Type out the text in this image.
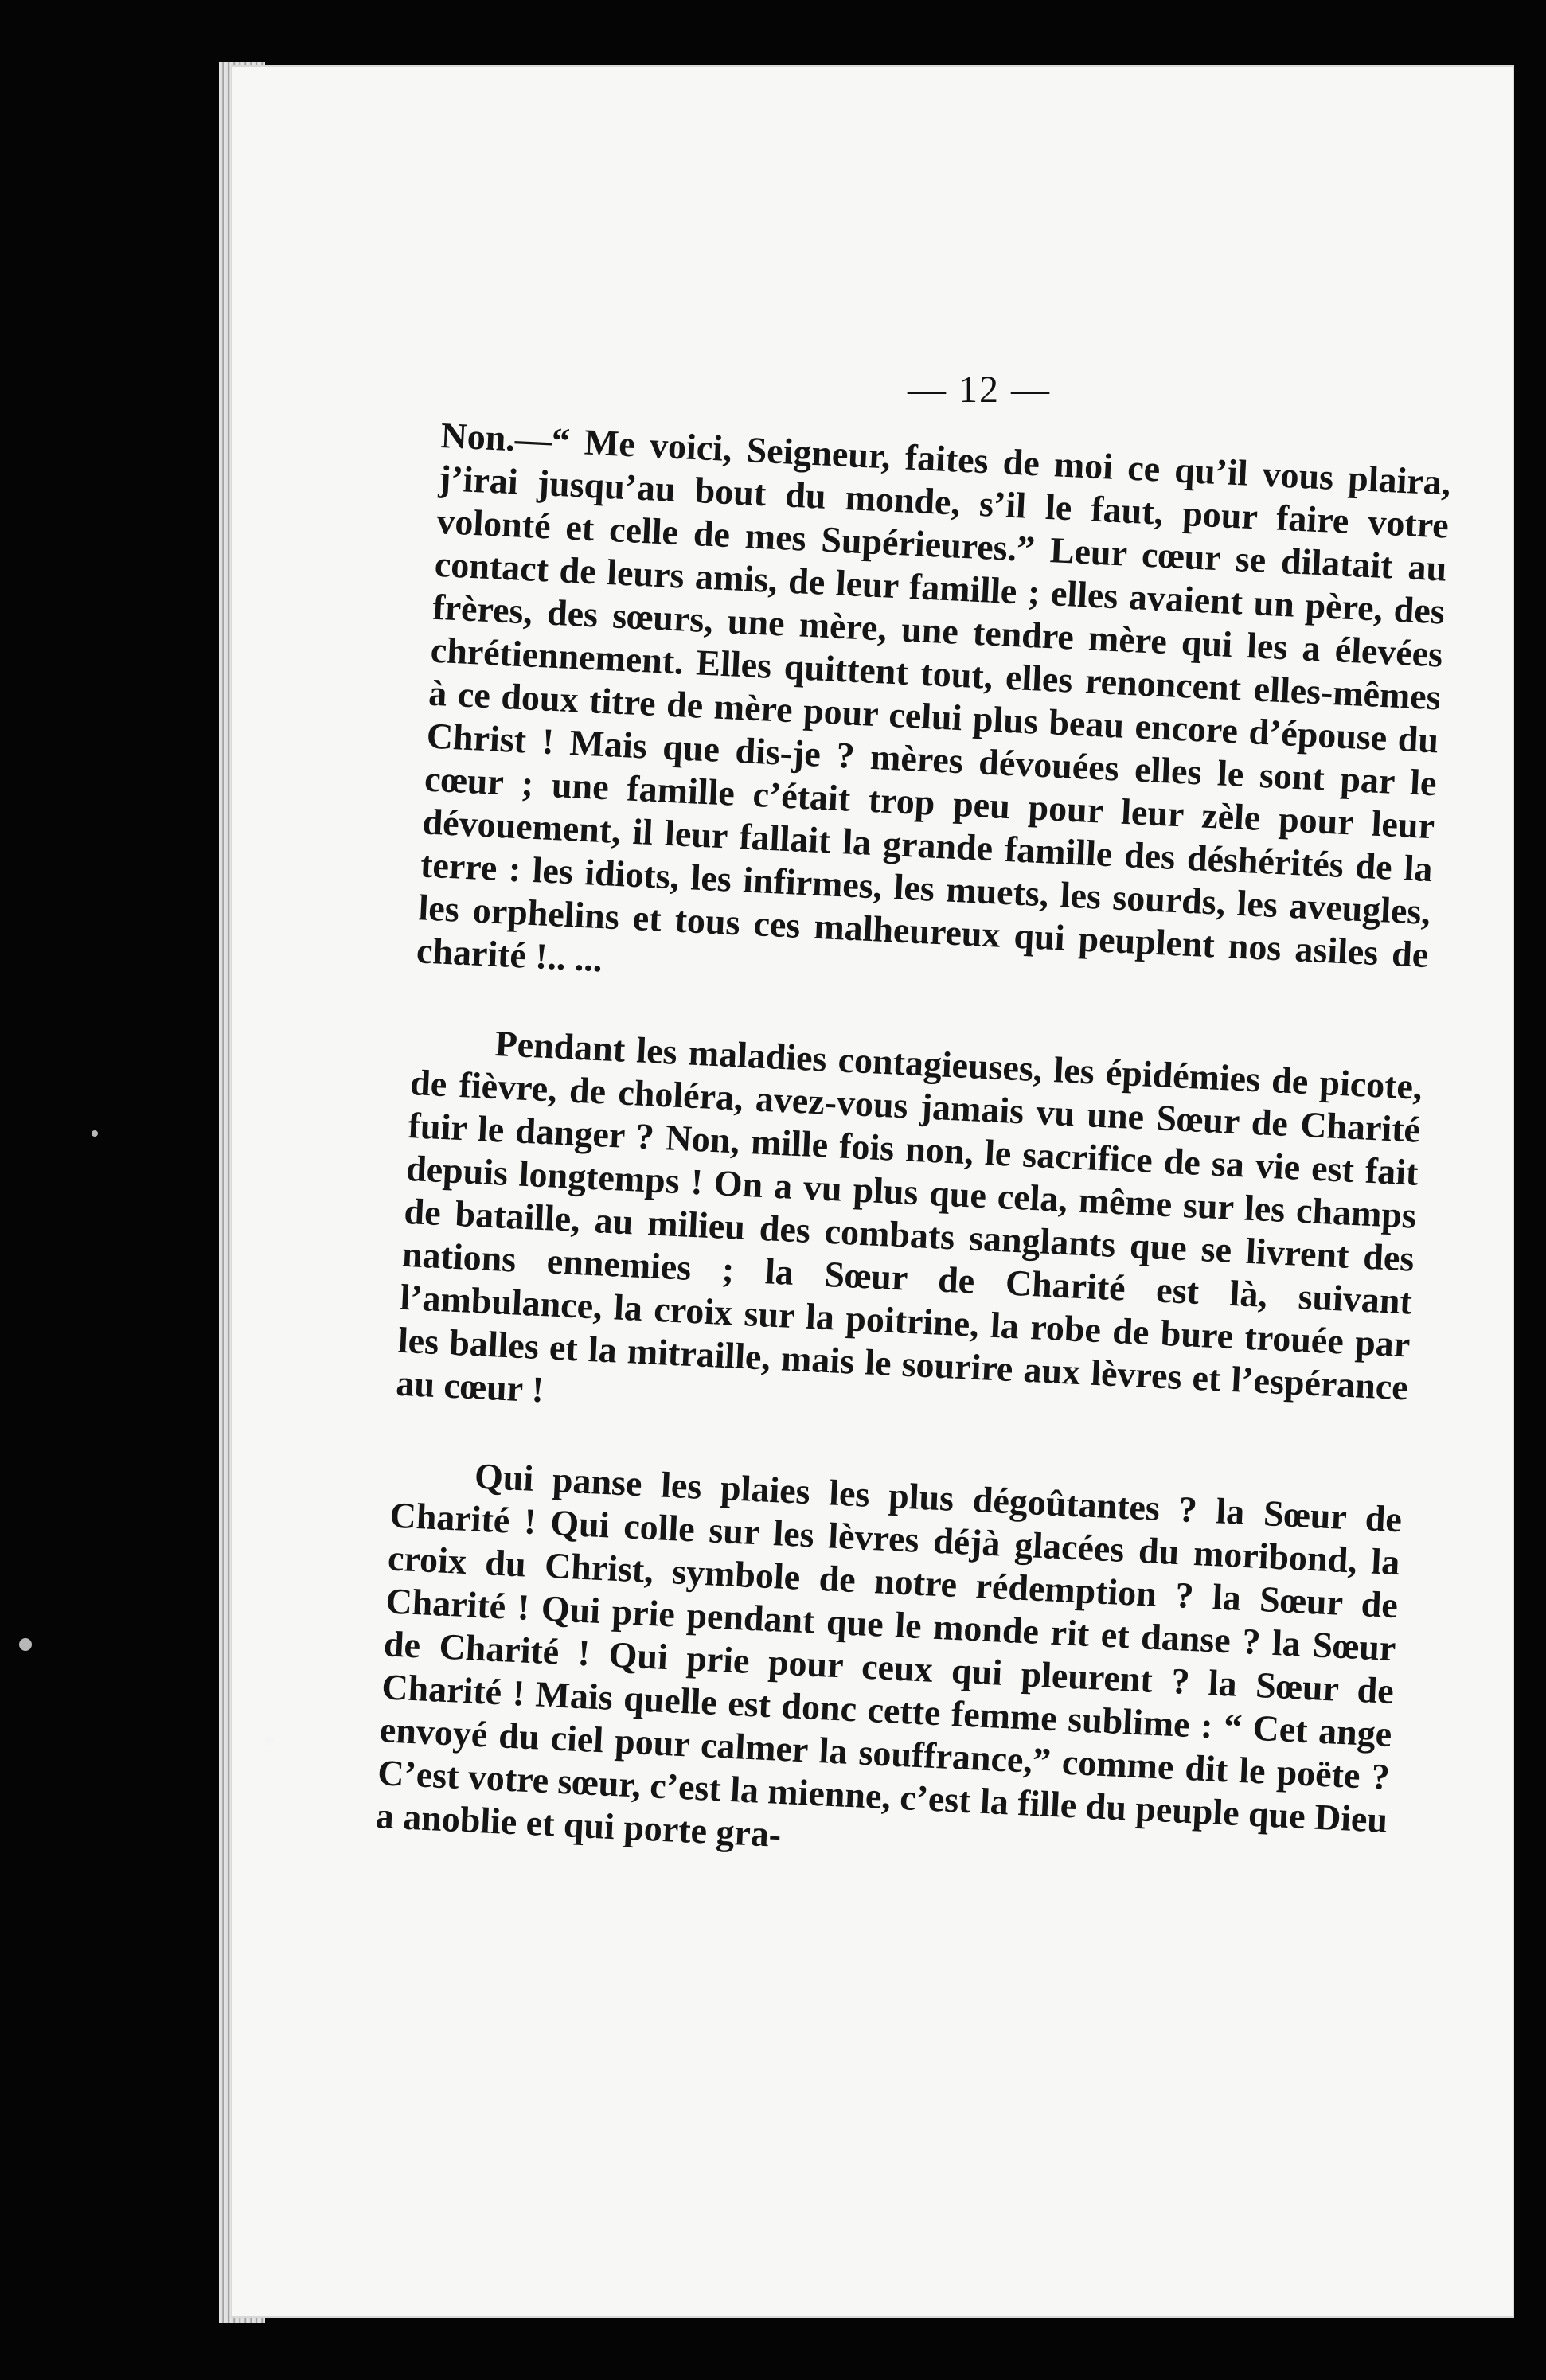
— 12 —

Non.—“ Me voici, Seigneur, faites de moi ce qu’il vous plaira, j’irai jusqu’au bout du monde, s’il le faut, pour faire votre volonté et celle de mes Supérieures.” Leur cœur se dilatait au contact de leurs amis, de leur famille ; elles avaient un père, des frères, des sœurs, une mère, une tendre mère qui les a élevées chrétiennement. Elles quittent tout, elles renoncent elles-mêmes à ce doux titre de mère pour celui plus beau encore d’épouse du Christ ! Mais que dis-je ? mères dévouées elles le sont par le cœur ; une famille c’était trop peu pour leur zèle pour leur dévouement, il leur fallait la grande famille des déshérités de la terre : les idiots, les infirmes, les muets, les sourds, les aveugles, les orphelins et tous ces malheureux qui peuplent nos asiles de charité !.. ...

Pendant les maladies contagieuses, les épidémies de picote, de fièvre, de choléra, avez-vous jamais vu une Sœur de Charité fuir le danger ? Non, mille fois non, le sacrifice de sa vie est fait depuis longtemps ! On a vu plus que cela, même sur les champs de bataille, au milieu des combats sanglants que se livrent des nations ennemies ; la Sœur de Charité est là, suivant l’ambulance, la croix sur la poitrine, la robe de bure trouée par les balles et la mitraille, mais le sourire aux lèvres et l’espérance au cœur !

Qui panse les plaies les plus dégoûtantes ? la Sœur de Charité ! Qui colle sur les lèvres déjà glacées du moribond, la croix du Christ, symbole de notre rédemption ? la Sœur de Charité ! Qui prie pendant que le monde rit et danse ? la Sœur de Charité ! Qui prie pour ceux qui pleurent ? la Sœur de Charité ! Mais quelle est donc cette femme sublime : “ Cet ange envoyé du ciel pour calmer la souffrance,” comme dit le poëte ? C’est votre sœur, c’est la mienne, c’est la fille du peuple que Dieu a anoblie et qui porte gra-
